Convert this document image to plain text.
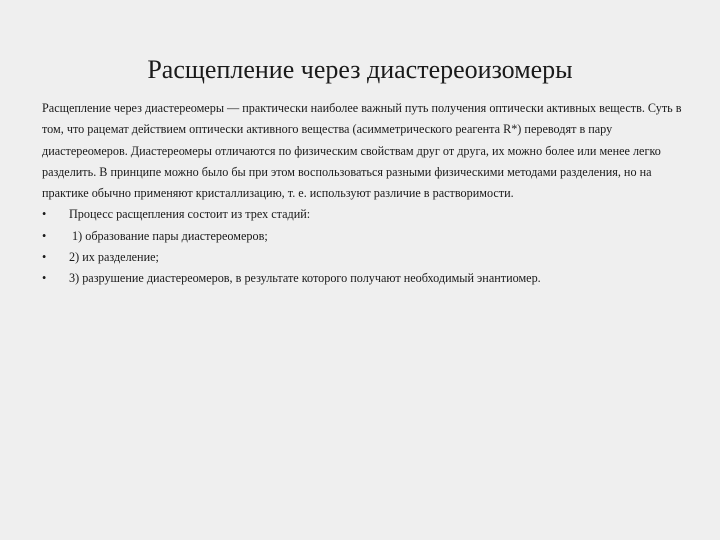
Расщепление через диастереоизомеры

Расщепление через диастереомеры — практически наиболее важный путь получения оптически активных веществ. Суть в том, что рацемат действием оптически активного вещества (асимметрического реагента R*) переводят в пару диастереомеров. Диастереомеры отличаются по физическим свойствам друг от друга, их можно более или менее легко разделить. В принципе можно было бы при этом воспользоваться разными физическими методами разделения, но на практике обычно применяют кристаллизацию, т. е. используют различие в растворимости.

• Процесс расщепления состоит из трех стадий:
• 1) образование пары диастереомеров;
• 2) их разделение;
• 3) разрушение диастереомеров, в результате которого получают необходимый энантиомер.
